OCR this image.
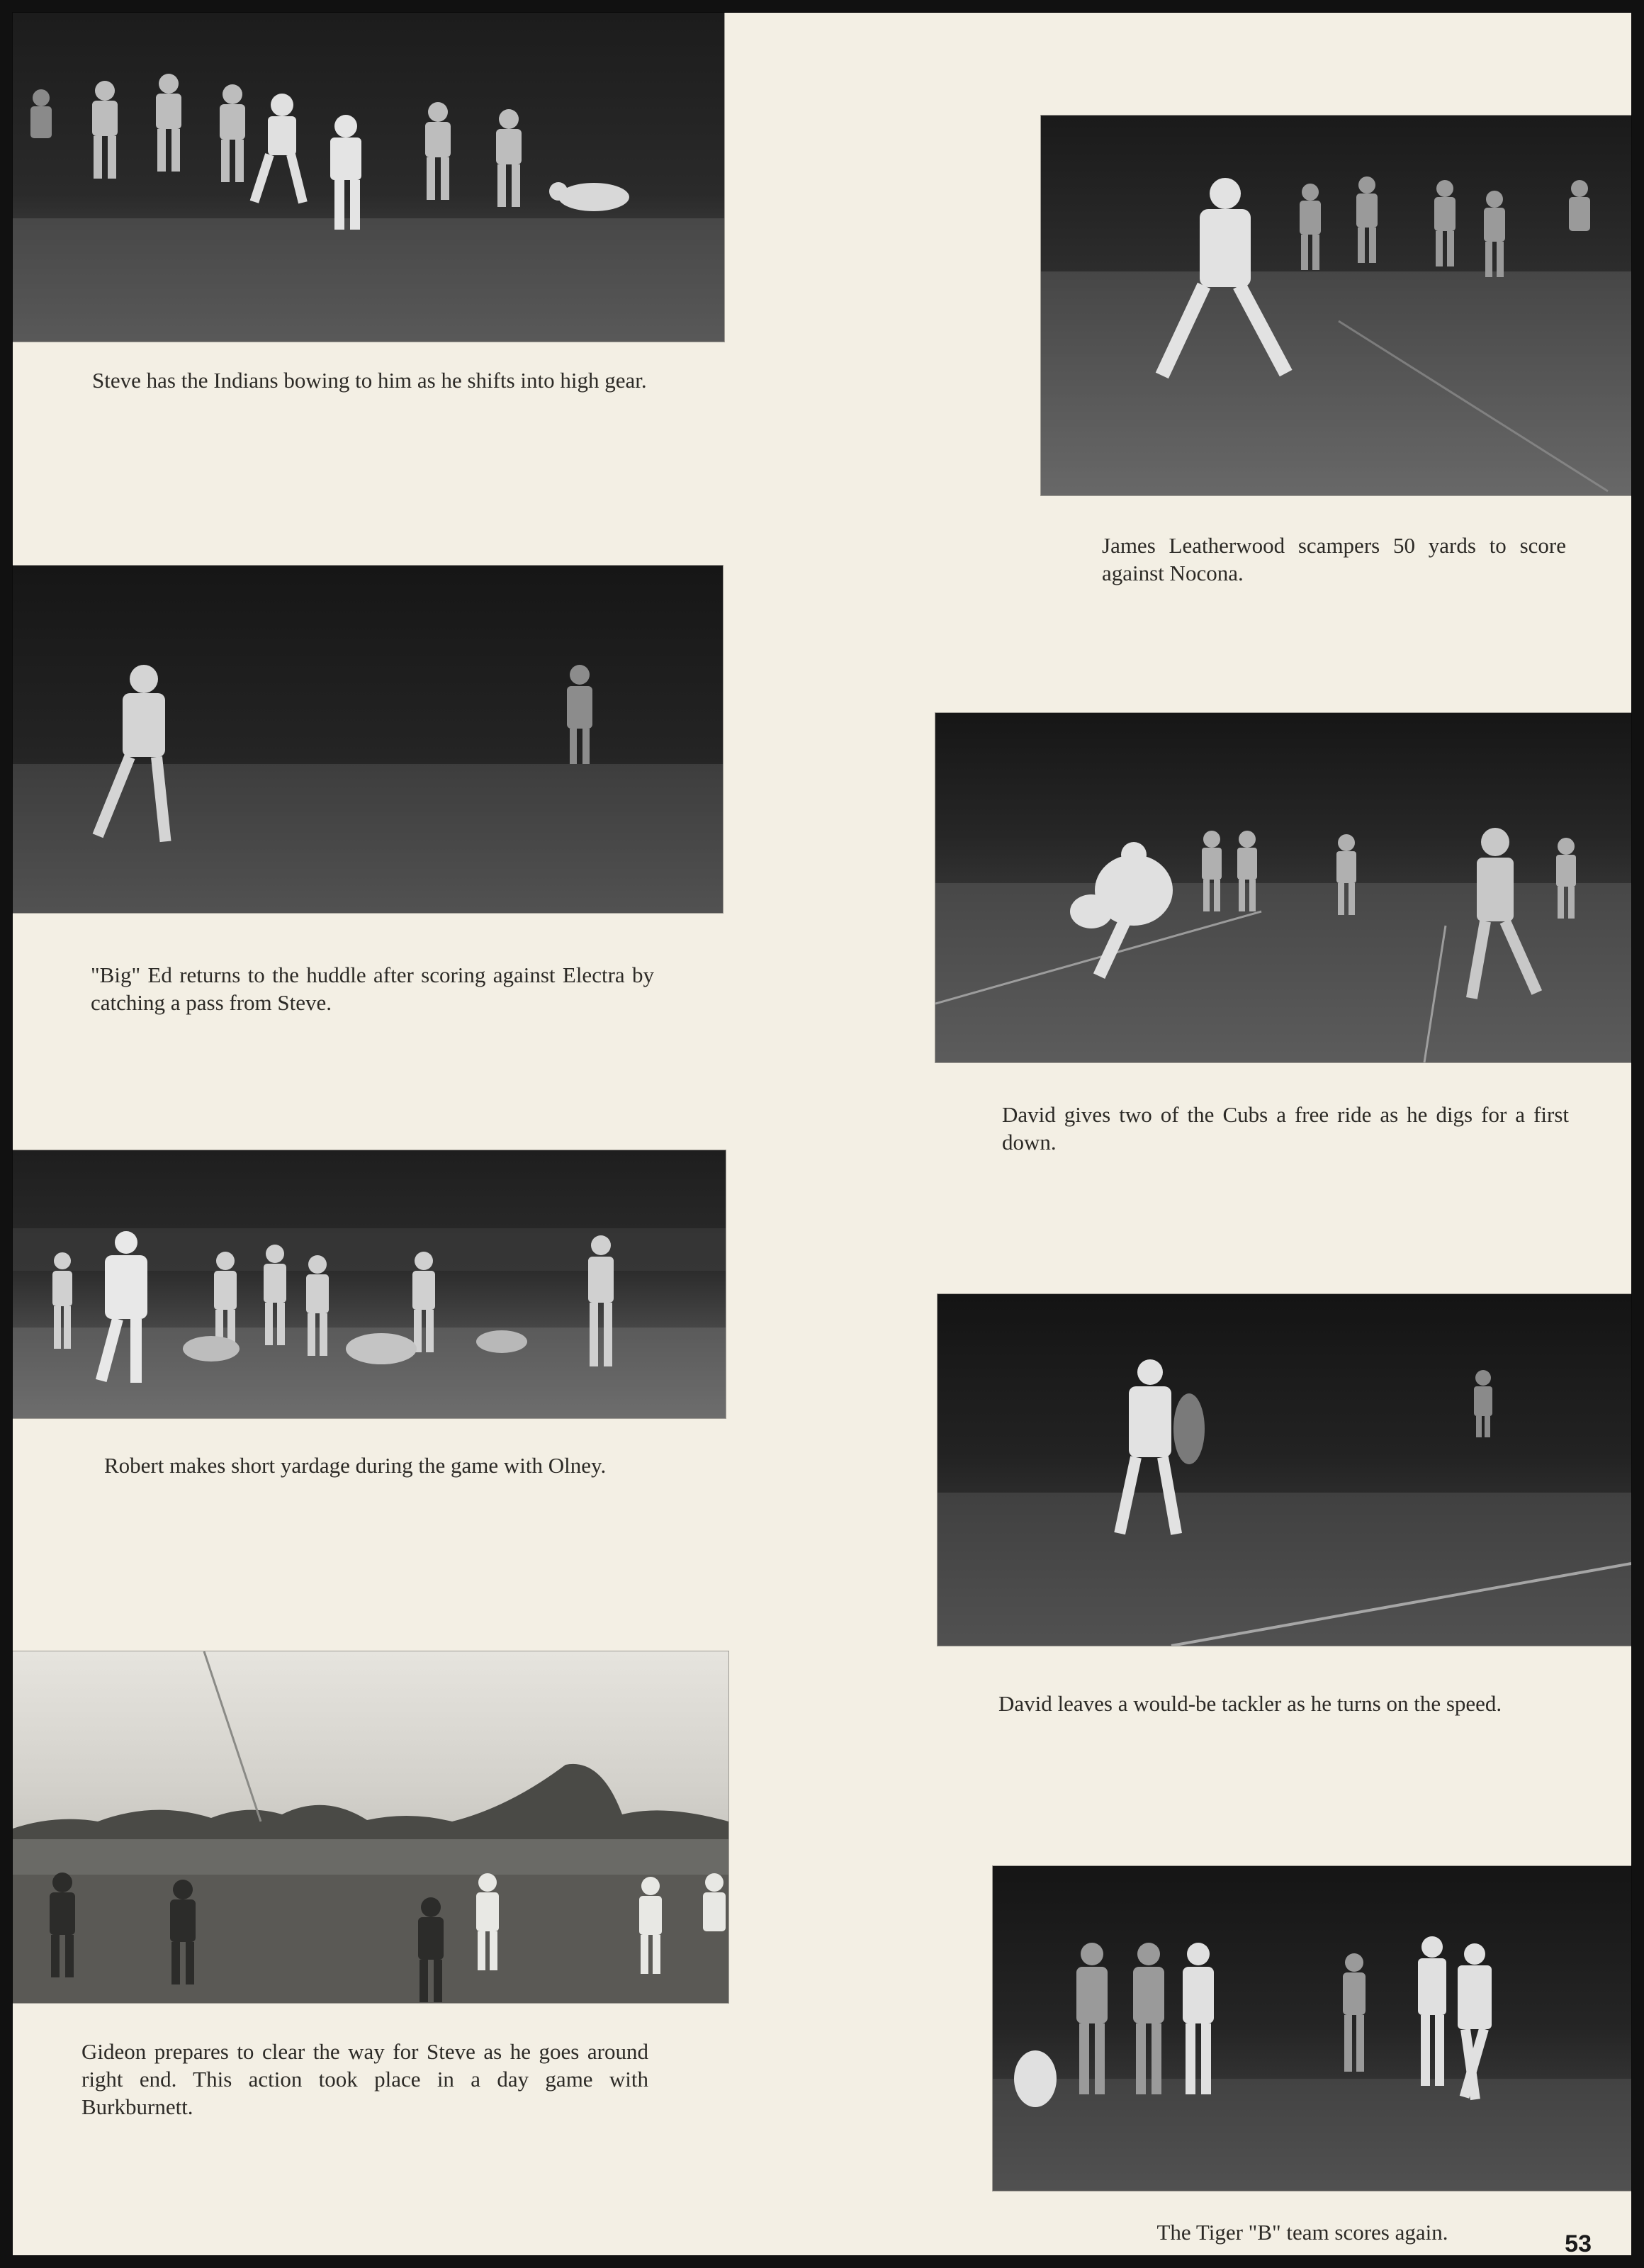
Steve has the Indians bowing to him as he shifts into high gear.

"Big" Ed returns to the huddle after scoring against Electra by catching a pass from Steve.

Robert makes short yardage during the game with Olney.

Gideon prepares to clear the way for Steve as he goes around right end. This action took place in a day game with Burkburnett.

James Leatherwood scampers 50 yards to score against Nocona.

David gives two of the Cubs a free ride as he digs for a first down.

David leaves a would-be tackler as he turns on the speed.

The Tiger "B" team scores again.	53
